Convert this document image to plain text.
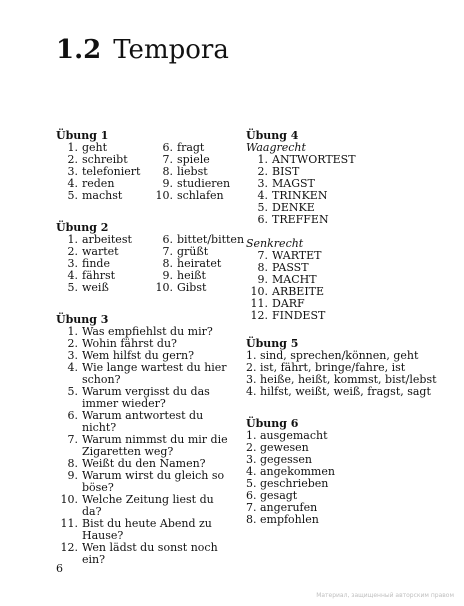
1.2 Tempora
Übung 1
1. geht	6. fragt
2. schreibt	7. spiele
3. telefoniert 8. liebst
4. reden	9. studieren
5. machst	10. schlafen
Übung 2
1. arbeitest	6. bittet/bitten
2. wartet	7. grüßt
3. finde	8. heiratet
4. fährst	9. heißt
5. weiß	10. Gibst
Übung 3
1. Was empfiehlst du mir?
2. Wohin fährst du?
3. Wem hilfst du gern?
4. Wie lange wartest du hier schon?
5. Warum vergisst du das immer wieder?
6. Warum antwortest du nicht?
7. Warum nimmst du mir die Zigaretten weg?
8. Weißt du den Namen?
9. Warum wirst du gleich so böse?
10. Welche Zeitung liest du da?
11. Bist du heute Abend zu Hause?
12. Wen lädst du sonst noch ein?
Übung 4
Waagrecht
1. ANTWORTEST
2. BIST
3. MAGST
4. TRINKEN
5. DENKE
6. TREFFEN
Senkrecht
7. WARTET
8. PASST
9. MACHT
10. ARBEITE
11. DARF
12. FINDEST
Übung 5
1. sind, sprechen/können, geht
2. ist, fährt, bringe/fahre, ist
3. heiße, heißt, kommst, bist/lebst
4. hilfst, weißt, weiß, fragst, sagt
Übung 6
1. ausgemacht
2. gewesen
3. gegessen
4. angekommen
5. geschrieben
6. gesagt
7. angerufen
8. empfohlen
6
Материал, защищенный авторским правом
